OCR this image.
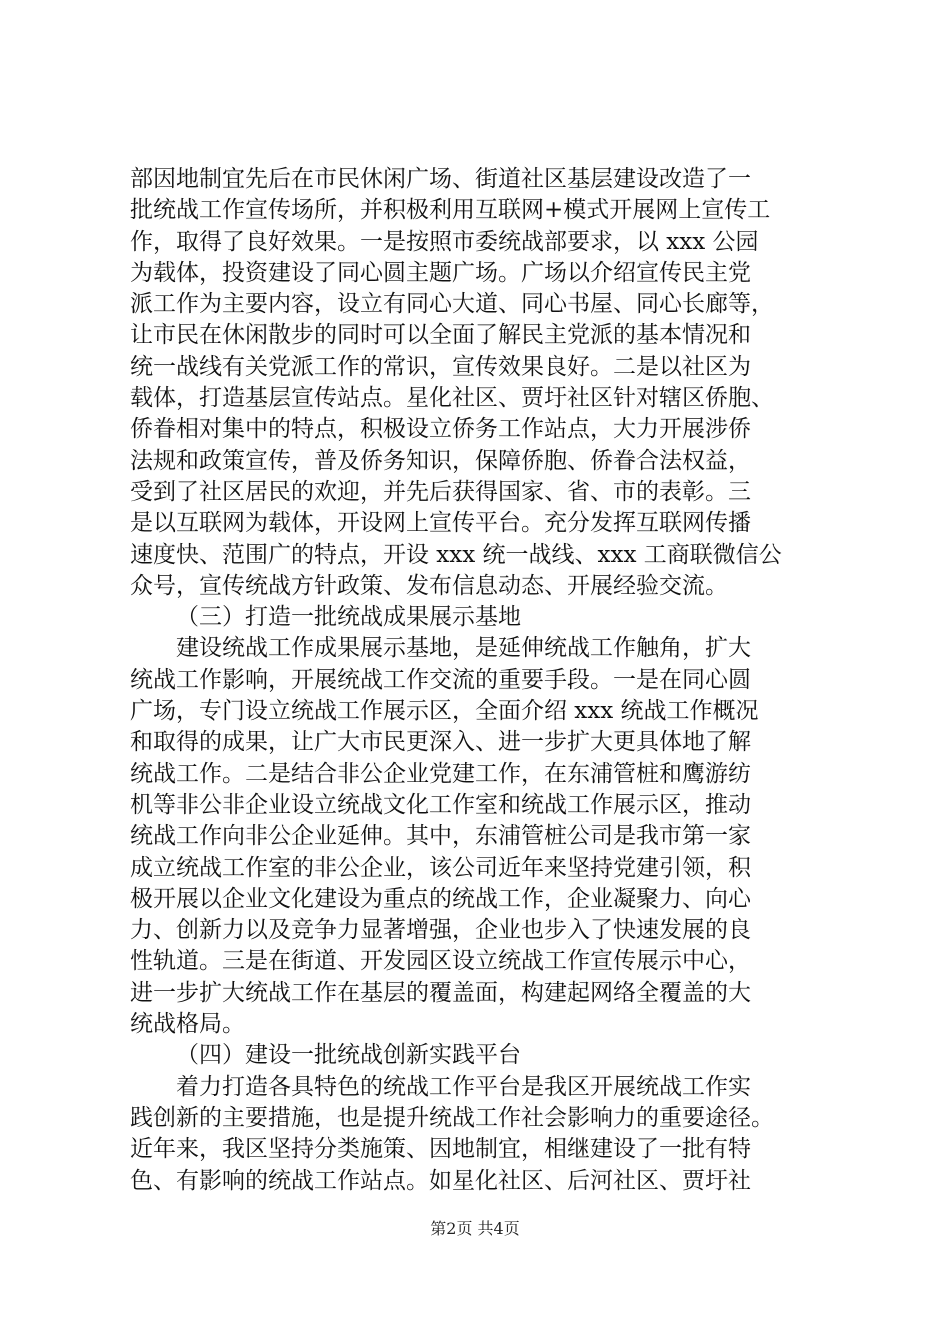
部因地制宜先后在市民休闲广场、街道社区基层建设改造了一
批统战工作宣传场所，并积极利用互联网+模式开展网上宣传工
作，取得了良好效果。一是按照市委统战部要求，以 xxx 公园
为载体，投资建设了同心圆主题广场。广场以介绍宣传民主党
派工作为主要内容，设立有同心大道、同心书屋、同心长廊等，
让市民在休闲散步的同时可以全面了解民主党派的基本情况和
统一战线有关党派工作的常识，宣传效果良好。二是以社区为
载体，打造基层宣传站点。星化社区、贾圩社区针对辖区侨胞、
侨眷相对集中的特点，积极设立侨务工作站点，大力开展涉侨
法规和政策宣传，普及侨务知识，保障侨胞、侨眷合法权益，
受到了社区居民的欢迎，并先后获得国家、省、市的表彰。三
是以互联网为载体，开设网上宣传平台。充分发挥互联网传播
速度快、范围广的特点，开设 xxx 统一战线、xxx 工商联微信公
众号，宣传统战方针政策、发布信息动态、开展经验交流。
（三）打造一批统战成果展示基地
　　建设统战工作成果展示基地，是延伸统战工作触角，扩大
统战工作影响，开展统战工作交流的重要手段。一是在同心圆
广场，专门设立统战工作展示区，全面介绍 xxx 统战工作概况
和取得的成果，让广大市民更深入、进一步扩大更具体地了解
统战工作。二是结合非公企业党建工作，在东浦管桩和鹰游纺
机等非公非企业设立统战文化工作室和统战工作展示区，推动
统战工作向非公企业延伸。其中，东浦管桩公司是我市第一家
成立统战工作室的非公企业，该公司近年来坚持党建引领，积
极开展以企业文化建设为重点的统战工作，企业凝聚力、向心
力、创新力以及竞争力显著增强，企业也步入了快速发展的良
性轨道。三是在街道、开发园区设立统战工作宣传展示中心，
进一步扩大统战工作在基层的覆盖面，构建起网络全覆盖的大
统战格局。
（四）建设一批统战创新实践平台
　　着力打造各具特色的统战工作平台是我区开展统战工作实
践创新的主要措施，也是提升统战工作社会影响力的重要途径。
近年来，我区坚持分类施策、因地制宜，相继建设了一批有特
色、有影响的统战工作站点。如星化社区、后河社区、贾圩社
第2页 共4页
